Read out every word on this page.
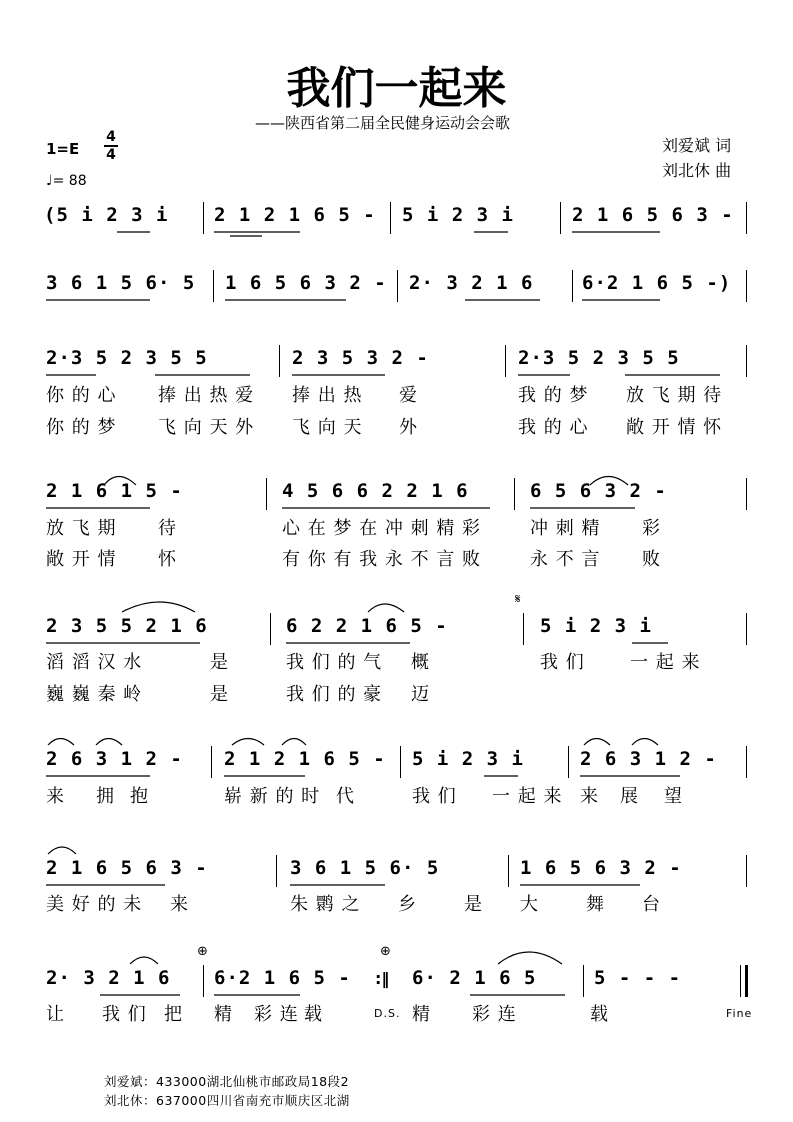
我们一起来
——陕西省第二届全民健身运动会会歌
刘爱斌 词
刘北休 曲
1=E
4
4
♩= 88
(5 i 2 3 i 2 1 2 1 6 5 - 5 i 2 3 i	2 1 6 5 6 3 -
3 6 1 5 6· 5 1 6 5 6 3 2 - 2· 3 2 1 6	6·2 1 6 5 -)
2·3 5 2 3 5 5	2 3 5 3 2 -	2·3 5 2 3 5 5
你 的 心 捧 出 热 爱 捧 出 热 爱	我 的 梦 放 飞 期 待
你 的 梦 飞 向 天 外 飞 向 天 外	我 的 心 敞 开 情 怀
2 1 6 1 5 -	4 5 6 6 2 2 1 6	6 5 6 3 2 -
放 飞 期 待	心 在 梦 在 冲 刺 精 彩	冲 刺 精 彩
敞 开 情 怀	有 你 有 我 永 不 言 败	永 不 言 败
𝄋
2 3 5 5 2 1 6	6 2 2 1 6 5 -	5 i 2 3 i
滔 滔 汉 水	是	我 们 的 气 概	我 们	一 起 来
巍 巍 秦 岭	是	我 们 的 豪 迈
2 6 3 1 2 - 2 1 2 1 6 5 - 5 i 2 3 i	2 6 3 1 2 -
来 拥 抱	崭 新 的 时 代	我 们 一 起 来 来 展 望
2 1 6 5 6 3 -	3 6 1 5 6· 5	1 6 5 6 3 2 -
美 好 的 未 来	朱 鹮 之 乡	是 大	舞 台
⊕	⊕
2· 3 2 1 6 6·2 1 6 5 - :‖ 6· 2 1 6 5	5 - - -
让 我 们 把 精 彩 连 载	D.S. 精 彩 连	载	Fine
刘爱斌：433000湖北仙桃市邮政局18段2
刘北休：637000四川省南充市顺庆区北湖
